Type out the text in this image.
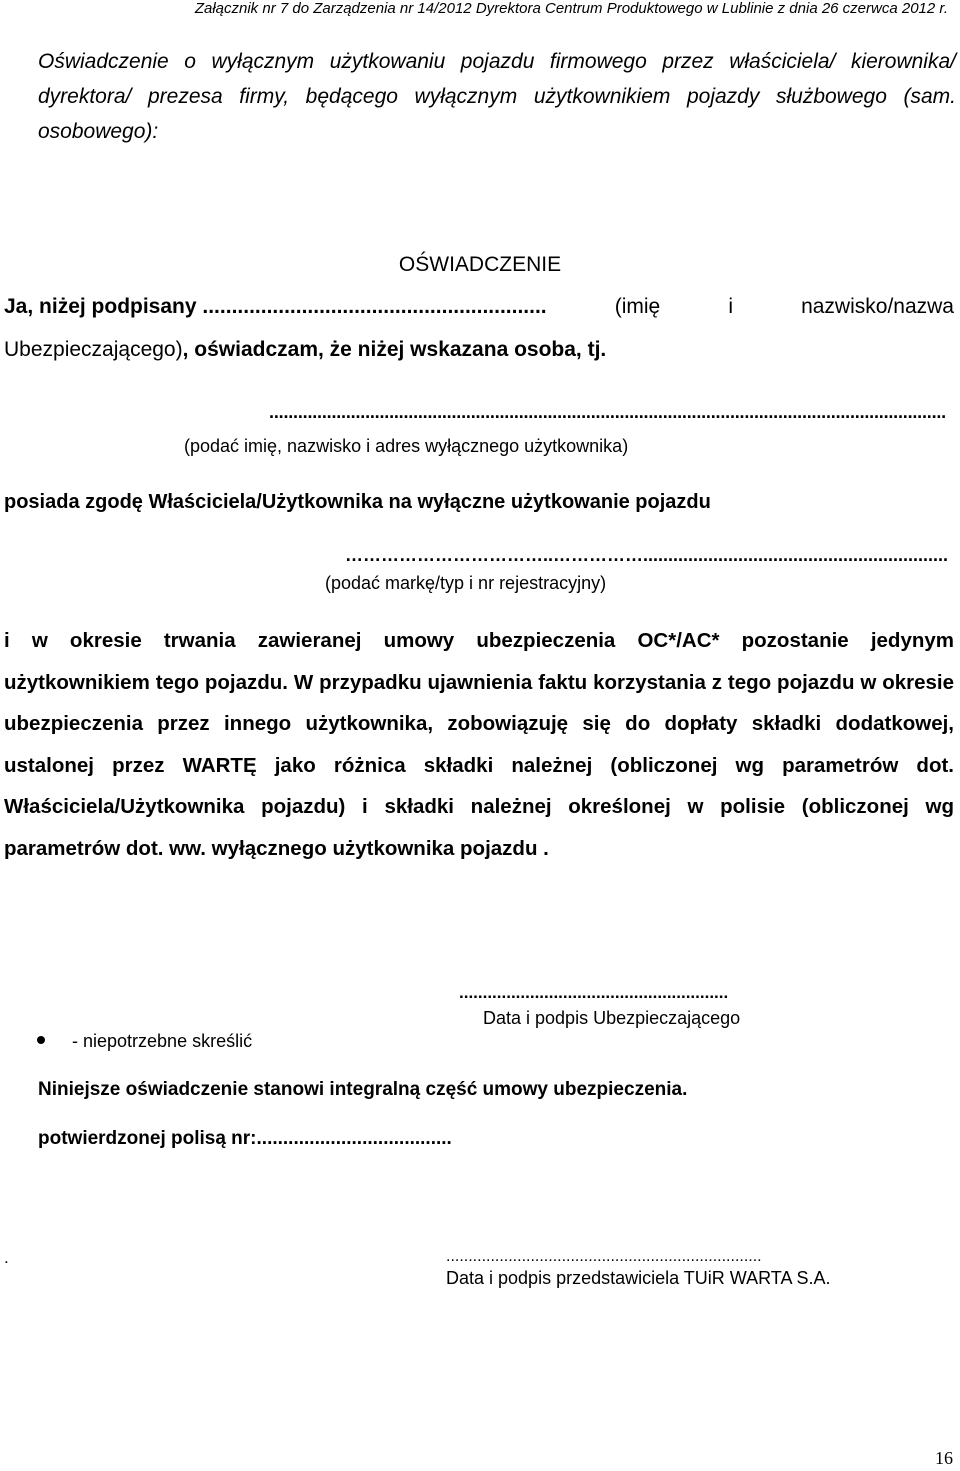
Załącznik nr 7 do Zarządzenia nr 14/2012 Dyrektora Centrum Produktowego w Lublinie z dnia 26 czerwca 2012 r.
Oświadczenie o wyłącznym użytkowaniu pojazdu firmowego przez właściciela/ kierownika/ dyrektora/ prezesa firmy, będącego wyłącznym użytkownikiem pojazdy służbowego (sam. osobowego):
OŚWIADCZENIE
Ja, niżej podpisany ...........................................................	(imię	i	nazwisko/nazwa
Ubezpieczającego), oświadczam, że niżej wskazana osoba, tj.
.............................................................................................................................................
(podać imię, nazwisko i adres wyłącznego użytkownika)
posiada zgodę Właściciela/Użytkownika na wyłączne użytkowanie pojazdu
……………………………..…………….............................................................
(podać markę/typ i nr rejestracyjny)
i w okresie trwania zawieranej umowy ubezpieczenia OC*/AC* pozostanie jedynym użytkownikiem tego pojazdu. W przypadku ujawnienia faktu korzystania z tego pojazdu w okresie ubezpieczenia przez innego użytkownika, zobowiązuję się do dopłaty składki dodatkowej, ustalonej przez WARTĘ jako różnica składki należnej (obliczonej wg parametrów dot. Właściciela/Użytkownika pojazdu) i składki należnej określonej w polisie (obliczonej wg parametrów dot. ww. wyłącznego użytkownika pojazdu .
.........................................................
Data i podpis Ubezpieczającego
- niepotrzebne skreślić
Niniejsze oświadczenie stanowi integralną część umowy ubezpieczenia.
potwierdzonej polisą nr:.....................................
.	.......................................................................
Data i podpis przedstawiciela TUiR WARTA S.A.
16
